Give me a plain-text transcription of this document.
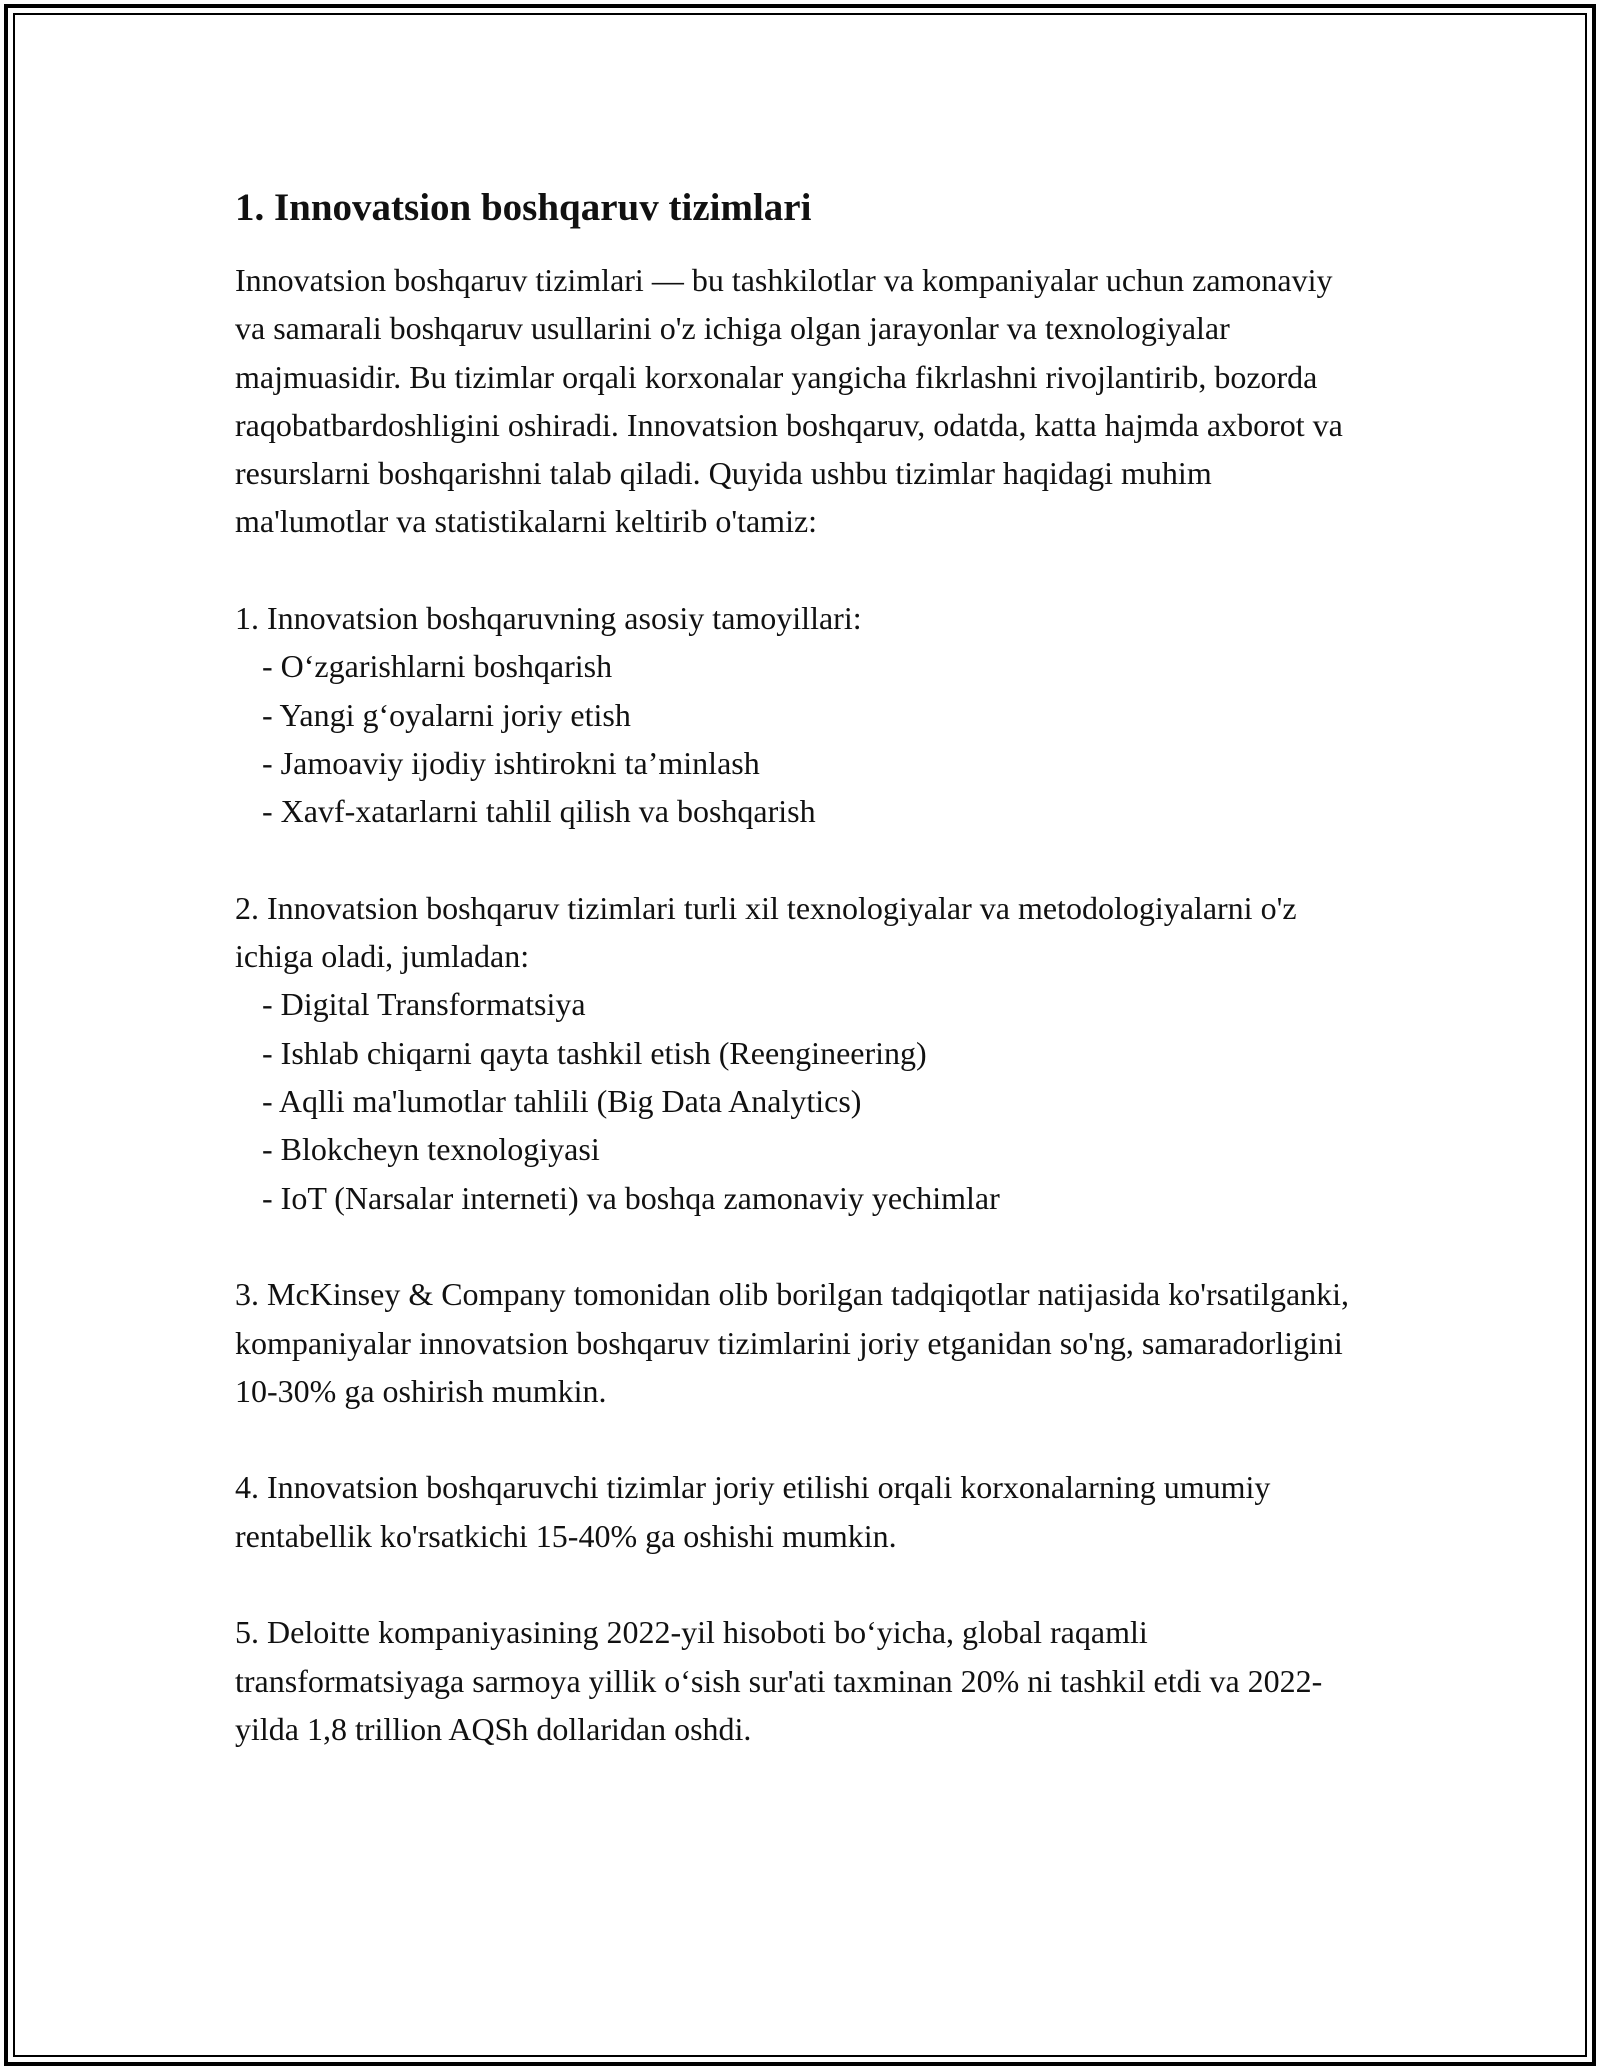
1. Innovatsion boshqaruv tizimlari

Innovatsion boshqaruv tizimlari — bu tashkilotlar va kompaniyalar uchun zamonaviy va samarali boshqaruv usullarini o'z ichiga olgan jarayonlar va texnologiyalar majmuasidir. Bu tizimlar orqali korxonalar yangicha fikrlashni rivojlantirib, bozorda raqobatbardoshligini oshiradi. Innovatsion boshqaruv, odatda, katta hajmda axborot va resurslarni boshqarishni talab qiladi. Quyida ushbu tizimlar haqidagi muhim ma'lumotlar va statistikalarni keltirib o'tamiz:

1. Innovatsion boshqaruvning asosiy tamoyillari:

- O‘zgarishlarni boshqarish
- Yangi g‘oyalarni joriy etish
- Jamoaviy ijodiy ishtirokni ta’minlash
- Xavf-xatarlarni tahlil qilish va boshqarish

2. Innovatsion boshqaruv tizimlari turli xil texnologiyalar va metodologiyalarni o'z ichiga oladi, jumladan:

- Digital Transformatsiya
- Ishlab chiqarni qayta tashkil etish (Reengineering)
- Aqlli ma'lumotlar tahlili (Big Data Analytics)
- Blokcheyn texnologiyasi
- IoT (Narsalar interneti) va boshqa zamonaviy yechimlar

3. McKinsey & Company tomonidan olib borilgan tadqiqotlar natijasida ko'rsatilganki, kompaniyalar innovatsion boshqaruv tizimlarini joriy etganidan so'ng, samaradorligini 10-30% ga oshirish mumkin.

4. Innovatsion boshqaruvchi tizimlar joriy etilishi orqali korxonalarning umumiy rentabellik ko'rsatkichi 15-40% ga oshishi mumkin.

5. Deloitte kompaniyasining 2022-yil hisoboti bo‘yicha, global raqamli transformatsiyaga sarmoya yillik o‘sish sur'ati taxminan 20% ni tashkil etdi va 2022-yilda 1,8 trillion AQSh dollaridan oshdi.
